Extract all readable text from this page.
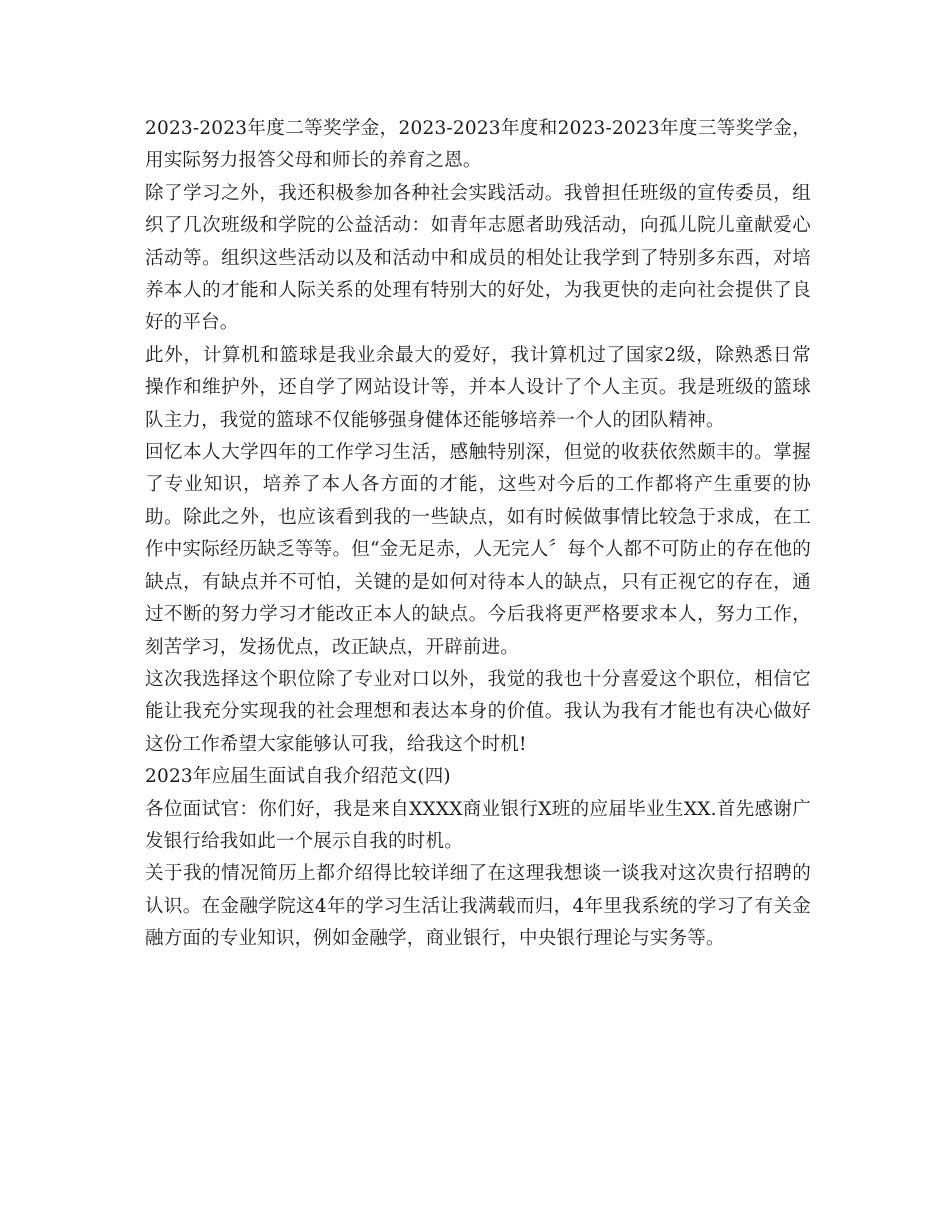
2023-2023年度二等奖学金，2023-2023年度和2023-2023年度三等奖学金，用实际努力报答父母和师长的养育之恩。

除了学习之外，我还积极参加各种社会实践活动。我曾担任班级的宣传委员，组织了几次班级和学院的公益活动：如青年志愿者助残活动，向孤儿院儿童献爱心活动等。组织这些活动以及和活动中和成员的相处让我学到了特别多东西，对培养本人的才能和人际关系的处理有特别大的好处，为我更快的走向社会提供了良好的平台。

此外，计算机和篮球是我业余最大的爱好，我计算机过了国家2级，除熟悉日常操作和维护外，还自学了网站设计等，并本人设计了个人主页。我是班级的篮球队主力，我觉的篮球不仅能够强身健体还能够培养一个人的团队精神。

回忆本人大学四年的工作学习生活，感触特别深，但觉的收获依然颇丰的。掌握了专业知识，培养了本人各方面的才能，这些对今后的工作都将产生重要的协助。除此之外，也应该看到我的一些缺点，如有时候做事情比较急于求成，在工作中实际经历缺乏等等。但“金无足赤，人无完人〞每个人都不可防止的存在他的缺点，有缺点并不可怕，关键的是如何对待本人的缺点，只有正视它的存在，通过不断的努力学习才能改正本人的缺点。今后我将更严格要求本人，努力工作，刻苦学习，发扬优点，改正缺点，开辟前进。

这次我选择这个职位除了专业对口以外，我觉的我也十分喜爱这个职位，相信它能让我充分实现我的社会理想和表达本身的价值。我认为我有才能也有决心做好这份工作希望大家能够认可我，给我这个时机!

2023年应届生面试自我介绍范文(四)

各位面试官：你们好，我是来自XXXX商业银行X班的应届毕业生XX.首先感谢广发银行给我如此一个展示自我的时机。

关于我的情况简历上都介绍得比较详细了在这理我想谈一谈我对这次贵行招聘的认识。在金融学院这4年的学习生活让我满载而归，4年里我系统的学习了有关金融方面的专业知识，例如金融学，商业银行，中央银行理论与实务等。
